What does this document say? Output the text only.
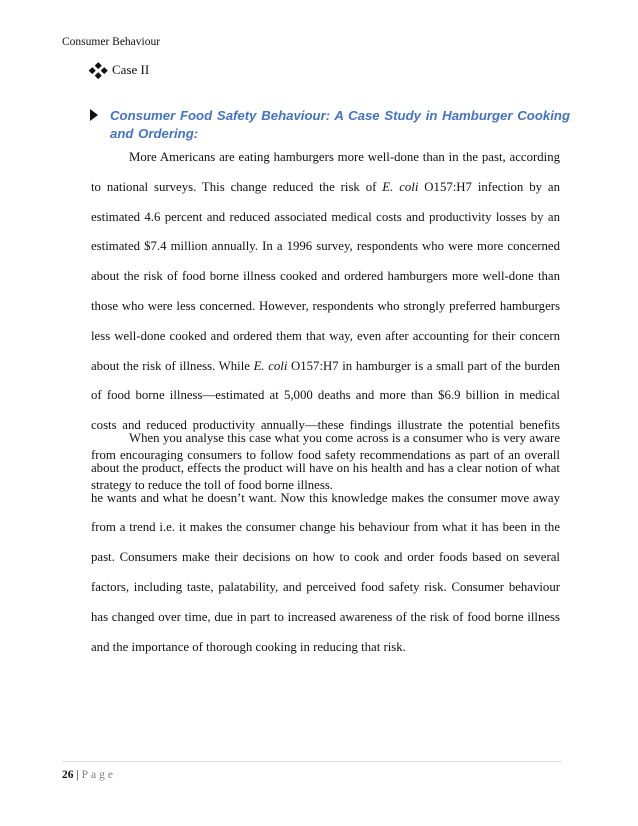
Consumer Behaviour
Case II
Consumer Food Safety Behaviour: A Case Study in Hamburger Cooking and Ordering:

More Americans are eating hamburgers more well-done than in the past, according to national surveys. This change reduced the risk of E. coli O157:H7 infection by an estimated 4.6 percent and reduced associated medical costs and productivity losses by an estimated $7.4 million annually. In a 1996 survey, respondents who were more concerned about the risk of food borne illness cooked and ordered hamburgers more well-done than those who were less concerned. However, respondents who strongly preferred hamburgers less well-done cooked and ordered them that way, even after accounting for their concern about the risk of illness. While E. coli O157:H7 in hamburger is a small part of the burden of food borne illness—estimated at 5,000 deaths and more than $6.9 billion in medical costs and reduced productivity annually—these findings illustrate the potential benefits from encouraging consumers to follow food safety recommendations as part of an overall strategy to reduce the toll of food borne illness.

When you analyse this case what you come across is a consumer who is very aware about the product, effects the product will have on his health and has a clear notion of what he wants and what he doesn’t want. Now this knowledge makes the consumer move away from a trend i.e. it makes the consumer change his behaviour from what it has been in the past. Consumers make their decisions on how to cook and order foods based on several factors, including taste, palatability, and perceived food safety risk. Consumer behaviour has changed over time, due in part to increased awareness of the risk of food borne illness and the importance of thorough cooking in reducing that risk.

26 | Page
